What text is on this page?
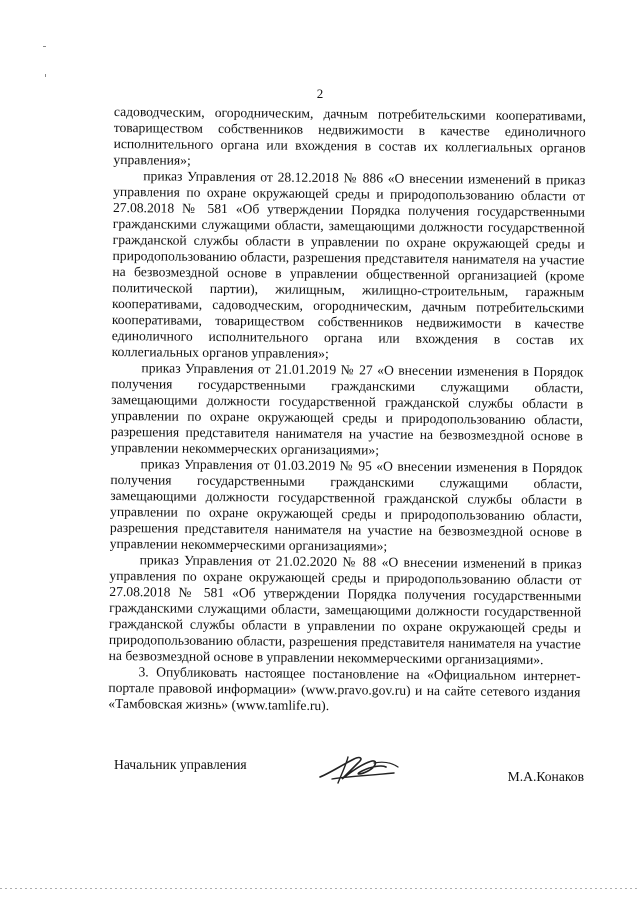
2

садоводческим, огородническим, дачным потребительскими кооперативами, товариществом собственников недвижимости в качестве единоличного исполнительного органа или вхождения в состав их коллегиальных органов управления»;

приказ Управления от 28.12.2018 № 886 «О внесении изменений в приказ управления по охране окружающей среды и природопользованию области от 27.08.2018 № 581 «Об утверждении Порядка получения государственными гражданскими служащими области, замещающими должности государственной гражданской службы области в управлении по охране окружающей среды и природопользованию области, разрешения представителя нанимателя на участие на безвозмездной основе в управлении общественной организацией (кроме политической партии), жилищным, жилищно-строительным, гаражным кооперативами, садоводческим, огородническим, дачным потребительскими кооперативами, товариществом собственников недвижимости в качестве единоличного исполнительного органа или вхождения в состав их коллегиальных органов управления»;

приказ Управления от 21.01.2019 № 27 «О внесении изменения в Порядок получения государственными гражданскими служащими области, замещающими должности государственной гражданской службы области в управлении по охране окружающей среды и природопользованию области, разрешения представителя нанимателя на участие на безвозмездной основе в управлении некоммерческих организациями»;

приказ Управления от 01.03.2019 № 95 «О внесении изменения в Порядок получения государственными гражданскими служащими области, замещающими должности государственной гражданской службы области в управлении по охране окружающей среды и природопользованию области, разрешения представителя нанимателя на участие на безвозмездной основе в управлении некоммерческими организациями»;

приказ Управления от 21.02.2020 № 88 «О внесении изменений в приказ управления по охране окружающей среды и природопользованию области от 27.08.2018 № 581 «Об утверждении Порядка получения государственными гражданскими служащими области, замещающими должности государственной гражданской службы области в управлении по охране окружающей среды и природопользованию области, разрешения представителя нанимателя на участие на безвозмездной основе в управлении некоммерческими организациями».

3. Опубликовать настоящее постановление на «Официальном интернет-портале правовой информации» (www.pravo.gov.ru) и на сайте сетевого издания «Тамбовская жизнь» (www.tamlife.ru).

Начальник управления
М.А.Конаков
